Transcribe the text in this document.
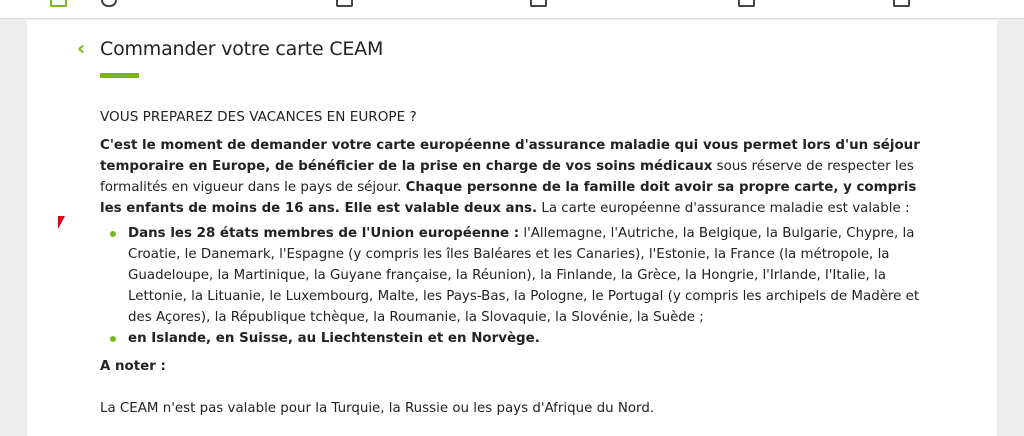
‹ Commander votre carte CEAM
VOUS PREPAREZ DES VACANCES EN EUROPE ?

C'est le moment de demander votre carte européenne d'assurance maladie qui vous permet lors d'un séjour temporaire en Europe, de bénéficier de la prise en charge de vos soins médicaux sous réserve de respecter les formalités en vigueur dans le pays de séjour. Chaque personne de la famille doit avoir sa propre carte, y compris les enfants de moins de 16 ans. Elle est valable deux ans. La carte européenne d'assurance maladie est valable :

Dans les 28 états membres de l'Union européenne : l'Allemagne, l'Autriche, la Belgique, la Bulgarie, Chypre, la Croatie, le Danemark, l'Espagne (y compris les îles Baléares et les Canaries), l'Estonie, la France (la métropole, la Guadeloupe, la Martinique, la Guyane française, la Réunion), la Finlande, la Grèce, la Hongrie, l'Irlande, l'Italie, la Lettonie, la Lituanie, le Luxembourg, Malte, les Pays-Bas, la Pologne, le Portugal (y compris les archipels de Madère et des Açores), la République tchèque, la Roumanie, la Slovaquie, la Slovénie, la Suède ;
en Islande, en Suisse, au Liechtenstein et en Norvège.

A noter :

La CEAM n'est pas valable pour la Turquie, la Russie ou les pays d'Afrique du Nord.
